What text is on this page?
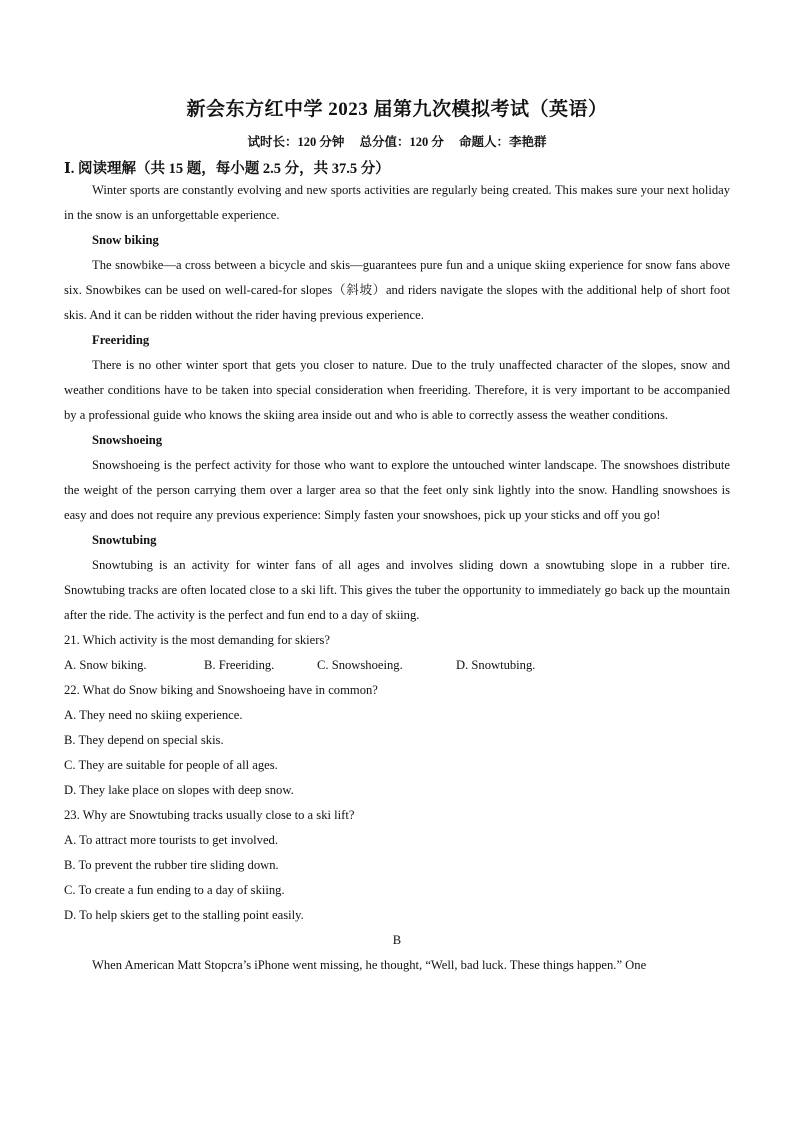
新会东方红中学 2023 届第九次模拟考试（英语）
试时长：120 分钟 总分值：120 分 命题人：李艳群
Ⅰ. 阅读理解（共 15 题，每小题 2.5 分，共 37.5 分）

Winter sports are constantly evolving and new sports activities are regularly being created. This makes sure your next holiday in the snow is an unforgettable experience.

Snow biking

The snowbike—a cross between a bicycle and skis—guarantees pure fun and a unique skiing experience for snow fans above six. Snowbikes can be used on well-cared-for slopes（斜坡）and riders navigate the slopes with the additional help of short foot skis. And it can be ridden without the rider having previous experience.

Freeriding

There is no other winter sport that gets you closer to nature. Due to the truly unaffected character of the slopes, snow and weather conditions have to be taken into special consideration when freeriding. Therefore, it is very important to be accompanied by a professional guide who knows the skiing area inside out and who is able to correctly assess the weather conditions.

Snowshoeing

Snowshoeing is the perfect activity for those who want to explore the untouched winter landscape. The snowshoes distribute the weight of the person carrying them over a larger area so that the feet only sink lightly into the snow. Handling snowshoes is easy and does not require any previous experience: Simply fasten your snowshoes, pick up your sticks and off you go!

Snowtubing

Snowtubing is an activity for winter fans of all ages and involves sliding down a snowtubing slope in a rubber tire. Snowtubing tracks are often located close to a ski lift. This gives the tuber the opportunity to immediately go back up the mountain after the ride. The activity is the perfect and fun end to a day of skiing.

21. Which activity is the most demanding for skiers?

A. Snow biking.	B. Freeriding.	C. Snowshoeing.	D. Snowtubing.

22. What do Snow biking and Snowshoeing have in common?

A. They need no skiing experience.

B. They depend on special skis.

C. They are suitable for people of all ages.

D. They lake place on slopes with deep snow.

23. Why are Snowtubing tracks usually close to a ski lift?

A. To attract more tourists to get involved.

B. To prevent the rubber tire sliding down.

C. To create a fun ending to a day of skiing.

D. To help skiers get to the stalling point easily.

B

When American Matt Stopcra’s iPhone went missing, he thought, “Well, bad luck. These things happen.” One
